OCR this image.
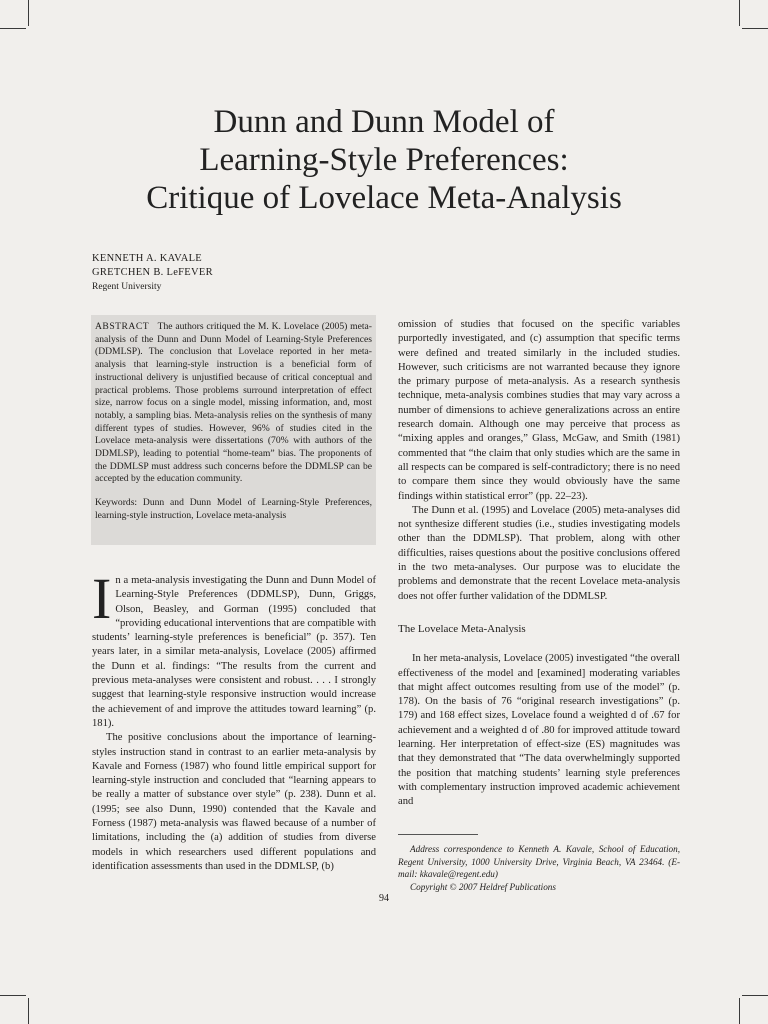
Dunn and Dunn Model of
Learning-Style Preferences:
Critique of Lovelace Meta-Analysis
KENNETH A. KAVALE
GRETCHEN B. LeFEVER
Regent University

ABSTRACT The authors critiqued the M. K. Lovelace (2005) meta-analysis of the Dunn and Dunn Model of Learning-Style Preferences (DDMLSP). The conclusion that Lovelace reported in her meta-analysis that learning-style instruction is a beneficial form of instructional delivery is unjustified because of critical conceptual and practical problems. Those problems surround interpretation of effect size, narrow focus on a single model, missing information, and, most notably, a sampling bias. Meta-analysis relies on the synthesis of many different types of studies. However, 96% of studies cited in the Lovelace meta-analysis were dissertations (70% with authors of the DDMLSP), leading to potential “home-team” bias. The proponents of the DDMLSP must address such concerns before the DDMLSP can be accepted by the education community.

Keywords: Dunn and Dunn Model of Learning-Style Preferences, learning-style instruction, Lovelace meta-analysis

In a meta-analysis investigating the Dunn and Dunn Model of Learning-Style Preferences (DDMLSP), Dunn, Griggs, Olson, Beasley, and Gorman (1995) concluded that “providing educational interventions that are compatible with students’ learning-style preferences is beneficial” (p. 357). Ten years later, in a similar meta-analysis, Lovelace (2005) affirmed the Dunn et al. findings: “The results from the current and previous meta-analyses were consistent and robust. . . . I strongly suggest that learning-style responsive instruction would increase the achievement of and improve the attitudes toward learning” (p. 181).

The positive conclusions about the importance of learning-styles instruction stand in contrast to an earlier meta-analysis by Kavale and Forness (1987) who found little empirical support for learning-style instruction and concluded that “learning appears to be really a matter of substance over style” (p. 238). Dunn et al. (1995; see also Dunn, 1990) contended that the Kavale and Forness (1987) meta-analysis was flawed because of a number of limitations, including the (a) addition of studies from diverse models in which researchers used different populations and identification assessments than used in the DDMLSP, (b)

omission of studies that focused on the specific variables purportedly investigated, and (c) assumption that specific terms were defined and treated similarly in the included studies. However, such criticisms are not warranted because they ignore the primary purpose of meta-analysis. As a research synthesis technique, meta-analysis combines studies that may vary across a number of dimensions to achieve generalizations across an entire research domain. Although one may perceive that process as “mixing apples and oranges,” Glass, McGaw, and Smith (1981) commented that “the claim that only studies which are the same in all respects can be compared is self-contradictory; there is no need to compare them since they would obviously have the same findings within statistical error” (pp. 22–23).

The Dunn et al. (1995) and Lovelace (2005) meta-analyses did not synthesize different studies (i.e., studies investigating models other than the DDMLSP). That problem, along with other difficulties, raises questions about the positive conclusions offered in the two meta-analyses. Our purpose was to elucidate the problems and demonstrate that the recent Lovelace meta-analysis does not offer further validation of the DDMLSP.

The Lovelace Meta-Analysis

In her meta-analysis, Lovelace (2005) investigated “the overall effectiveness of the model and [examined] moderating variables that might affect outcomes resulting from use of the model” (p. 178). On the basis of 76 “original research investigations” (p. 179) and 168 effect sizes, Lovelace found a weighted d of .67 for achievement and a weighted d of .80 for improved attitude toward learning. Her interpretation of effect-size (ES) magnitudes was that they demonstrated that “The data overwhelmingly supported the position that matching students’ learning style preferences with complementary instruction improved academic achievement and

Address correspondence to Kenneth A. Kavale, School of Education, Regent University, 1000 University Drive, Virginia Beach, VA 23464. (E-mail: kkavale@regent.edu)

Copyright © 2007 Heldref Publications

94
